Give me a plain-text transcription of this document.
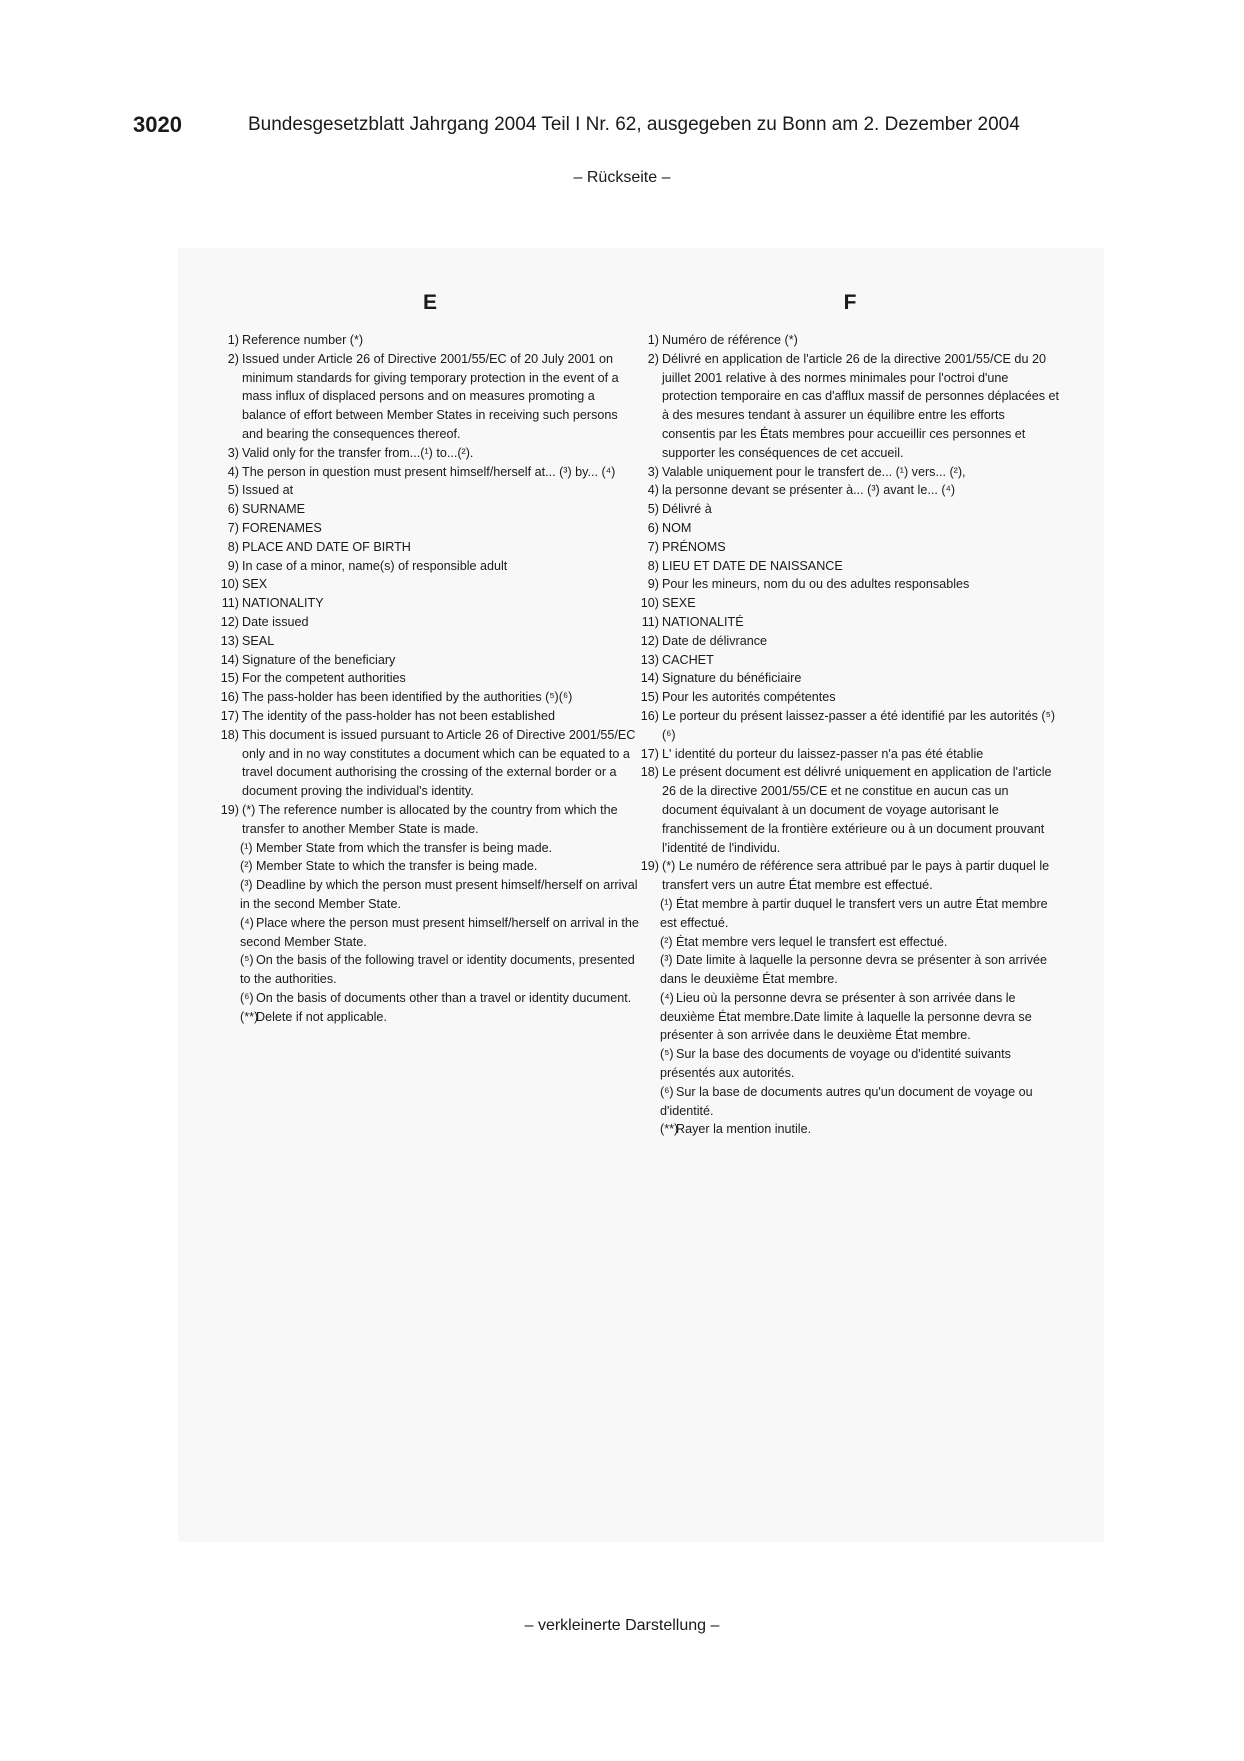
3020	Bundesgesetzblatt Jahrgang 2004 Teil I Nr. 62, ausgegeben zu Bonn am 2. Dezember 2004
– Rückseite –
E
1) Reference number (*)
2) Issued under Article 26 of Directive 2001/55/EC of 20 July 2001 on minimum standards for giving temporary protection in the event of a mass influx of displaced persons and on measures promoting a balance of effort between Member States in receiving such persons and bearing the consequences thereof.
3) Valid only for the transfer from...(¹) to...(²).
4) The person in question must present himself/herself at... (³) by... (⁴)
5) Issued at
6) SURNAME
7) FORENAMES
8) PLACE AND DATE OF BIRTH
9) In case of a minor, name(s) of responsible adult
10) SEX
11) NATIONALITY
12) Date issued
13) SEAL
14) Signature of the beneficiary
15) For the competent authorities
16) The pass-holder has been identified by the authorities (⁵)(⁶)
17) The identity of the pass-holder has not been established
18) This document is issued pursuant to Article 26 of Directive 2001/55/EC only and in no way constitutes a document which can be equated to a travel document authorising the crossing of the external border or a document proving the individual's identity.
19) (*) The reference number is allocated by the country from which the transfer to another Member State is made.
(¹) Member State from which the transfer is being made.
(²) Member State to which the transfer is being made.
(³) Deadline by which the person must present himself/herself on arrival in the second Member State.
(⁴) Place where the person must present himself/herself on arrival in the second Member State.
(⁵) On the basis of the following travel or identity documents, presented to the authorities.
(⁶) On the basis of documents other than a travel or identity ducument.
(**)Delete if not applicable.
F
1) Numéro de référence (*)
2) Délivré en application de l'article 26 de la directive 2001/55/CE du 20 juillet 2001 relative à des normes minimales pour l'octroi d'une protection temporaire en cas d'afflux massif de personnes déplacées et à des mesures tendant à assurer un équilibre entre les efforts consentis par les États membres pour accueillir ces personnes et supporter les conséquences de cet accueil.
3) Valable uniquement pour le transfert de... (¹) vers... (²),
4) la personne devant se présenter à... (³) avant le... (⁴)
5) Délivré à
6) NOM
7) PRÉNOMS
8) LIEU ET DATE DE NAISSANCE
9) Pour les mineurs, nom du ou des adultes responsables
10) SEXE
11) NATIONALITÉ
12) Date de délivrance
13) CACHET
14) Signature du bénéficiaire
15) Pour les autorités compétentes
16) Le porteur du présent laissez-passer a été identifié par les autorités (⁵)(⁶)
17) L' identité du porteur du laissez-passer n'a pas été établie
18) Le présent document est délivré uniquement en application de l'article 26 de la directive 2001/55/CE et ne constitue en aucun cas un document équivalant à un document de voyage autorisant le franchissement de la frontière extérieure ou à un document prouvant l'identité de l'individu.
19) (*) Le numéro de référence sera attribué par le pays à partir duquel le transfert vers un autre État membre est effectué.
(¹) État membre à partir duquel le transfert vers un autre État membre est effectué.
(²) État membre vers lequel le transfert est effectué.
(³) Date limite à laquelle la personne devra se présenter à son arrivée dans le deuxième État membre.
(⁴) Lieu où la personne devra se présenter à son arrivée dans le deuxième État membre.Date limite à laquelle la personne devra se présenter à son arrivée dans le deuxième État membre.
(⁵) Sur la base des documents de voyage ou d'identité suivants présentés aux autorités.
(⁶) Sur la base de documents autres qu'un document de voyage ou d'identité.
(**)Rayer la mention inutile.
– verkleinerte Darstellung –
